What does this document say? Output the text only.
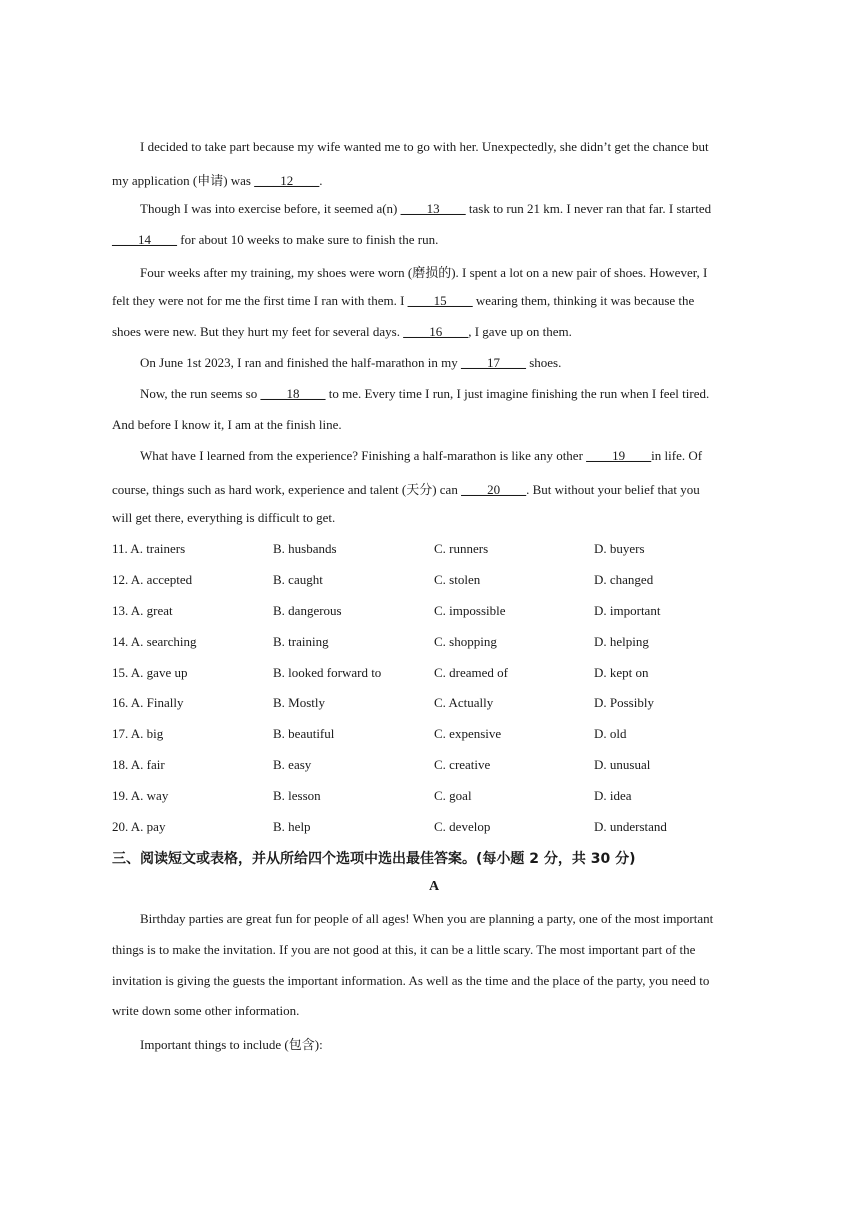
I decided to take part because my wife wanted me to go with her. Unexpectedly, she didn’t get the chance but
my application (申请) was ____12____.
Though I was into exercise before, it seemed a(n) ____13____ task to run 21 km. I never ran that far. I started
____14____ for about 10 weeks to make sure to finish the run.
Four weeks after my training, my shoes were worn (磨损的). I spent a lot on a new pair of shoes. However, I
felt they were not for me the first time I ran with them. I ____15____ wearing them, thinking it was because the
shoes were new. But they hurt my feet for several days. ____16____, I gave up on them.
On June 1st 2023, I ran and finished the half-marathon in my ____17____ shoes.
Now, the run seems so ____18____ to me. Every time I run, I just imagine finishing the run when I feel tired.
And before I know it, I am at the finish line.
What have I learned from the experience? Finishing a half-marathon is like any other ____19____in life. Of
course, things such as hard work, experience and talent (天分) can ____20____. But without your belief that you
will get there, everything is difficult to get.
11. A. trainers	B. husbands	C. runners	D. buyers
12. A. accepted	B. caught	C. stolen	D. changed
13. A. great	B. dangerous	C. impossible	D. important
14. A. searching	B. training	C. shopping	D. helping
15. A. gave up	B. looked forward to	C. dreamed of	D. kept on
16. A. Finally	B. Mostly	C. Actually	D. Possibly
17. A. big	B. beautiful	C. expensive	D. old
18. A. fair	B. easy	C. creative	D. unusual
19. A. way	B. lesson	C. goal	D. idea
20. A. pay	B. help	C. develop	D. understand
三、阅读短文或表格，并从所给四个选项中选出最佳答案。(每小题 2 分，共 30 分)
A
Birthday parties are great fun for people of all ages! When you are planning a party, one of the most important
things is to make the invitation. If you are not good at this, it can be a little scary. The most important part of the
invitation is giving the guests the important information. As well as the time and the place of the party, you need to
write down some other information.
Important things to include (包含):
